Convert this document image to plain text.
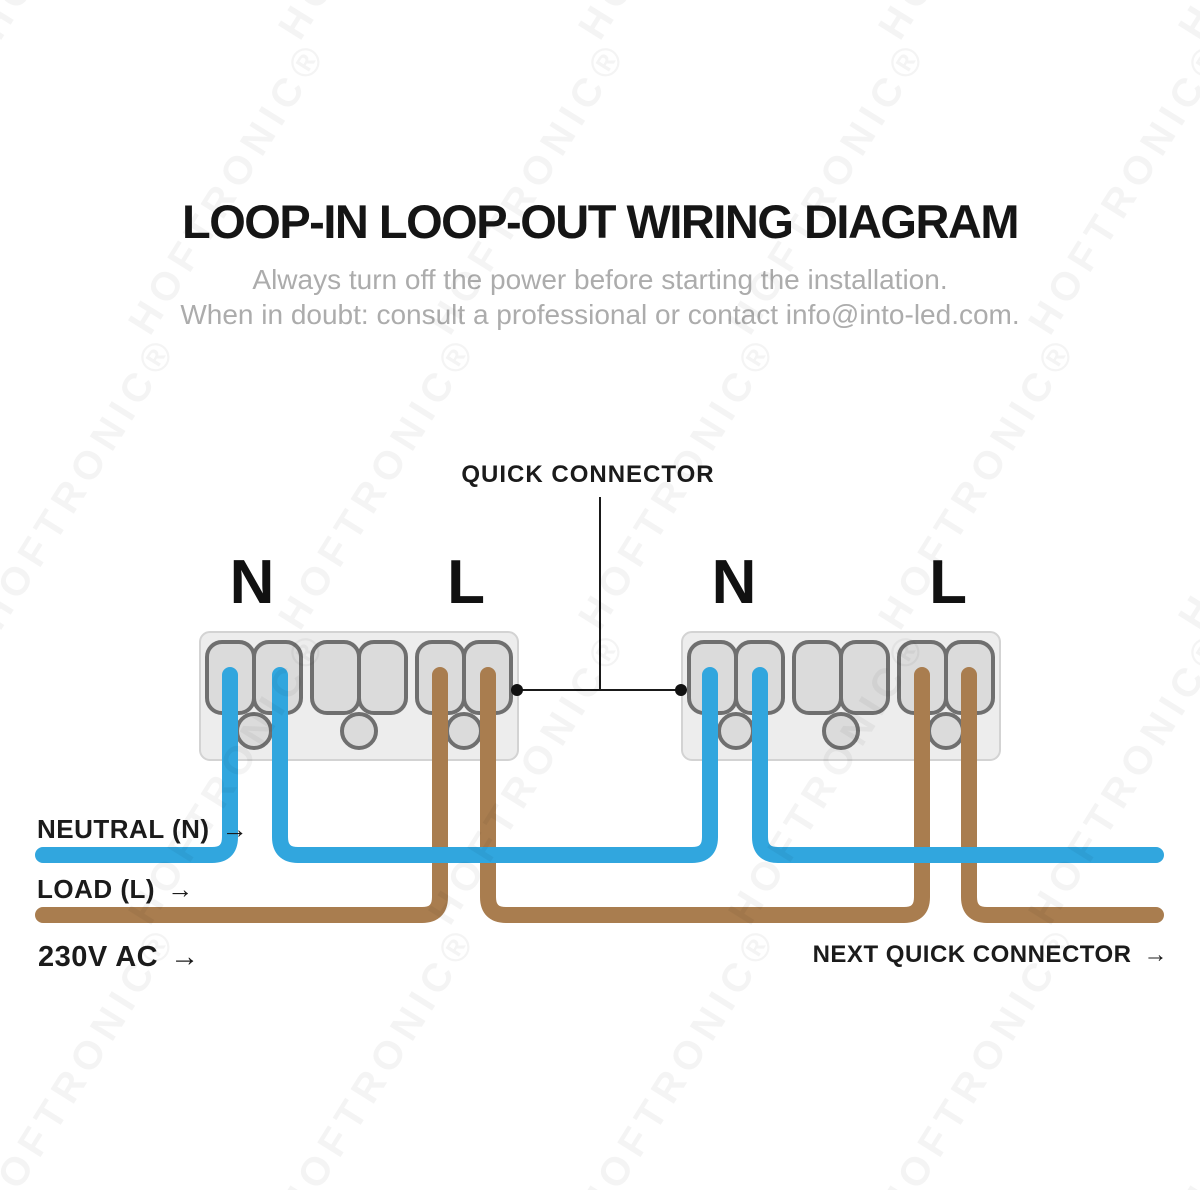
LOOP-IN LOOP-OUT WIRING DIAGRAM
Always turn off the power before starting the installation.
When in doubt: consult a professional or contact info@into-led.com.
QUICK CONNECTOR
N	L	N	L
NEUTRAL (N) →
LOAD (L) →
230V AC →	NEXT QUICK CONNECTOR →
